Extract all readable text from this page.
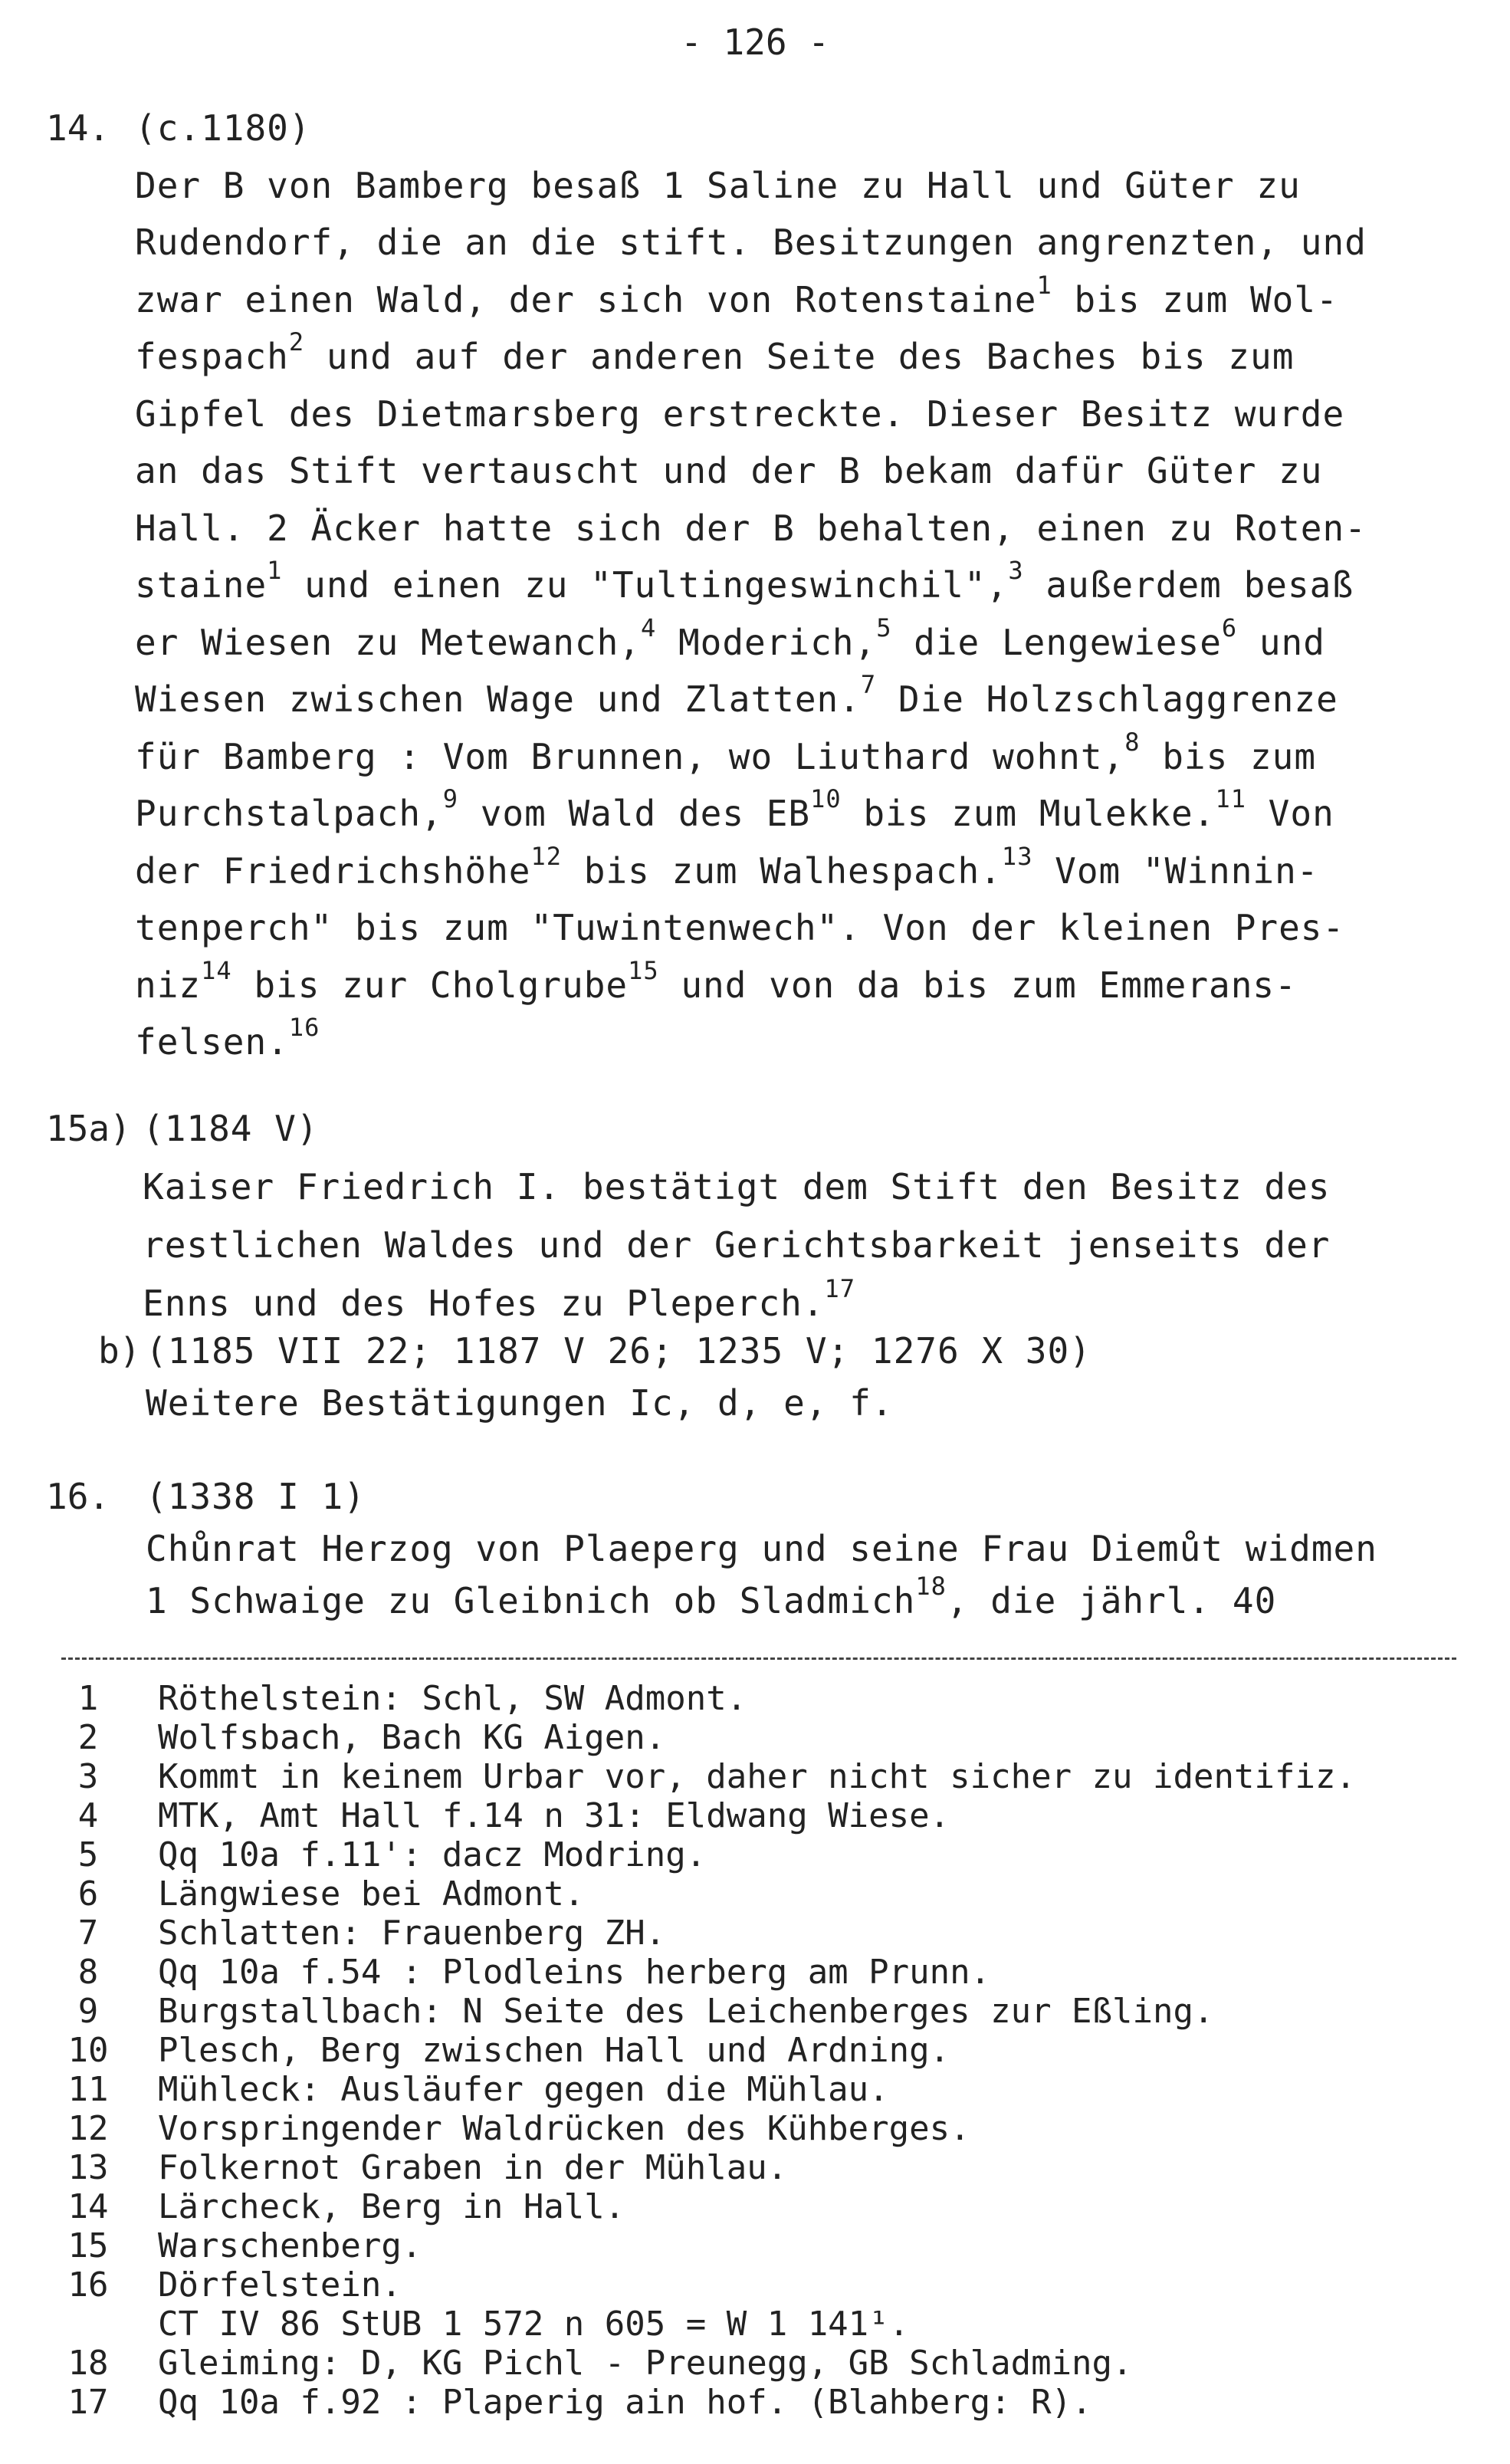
- 126 -
14. (c.1180)
Der B von Bamberg besaß 1 Saline zu Hall und Güter zu
Rudendorf, die an die stift. Besitzungen angrenzten, und
zwar einen Wald, der sich von Rotenstaine$^1$ bis zum Wol-
fespach$^2$ und auf der anderen Seite des Baches bis zum
Gipfel des Dietmarsberg erstreckte. Dieser Besitz wurde
an das Stift vertauscht und der B bekam dafür Güter zu
Hall. 2 Äcker hatte sich der B behalten, einen zu Roten-
staine$^1$ und einen zu "Tultingeswinchil",$^3$ außerdem besaß
er Wiesen zu Metewanch,$^4$ Moderich,$^5$ die Lengewiese$^6$ und
Wiesen zwischen Wage und Zlatten.$^7$ Die Holzschlaggrenze
für Bamberg : Vom Brunnen, wo Liuthard wohnt,$^8$ bis zum
Purchstalpach,$^9$ vom Wald des EB$^{10}$ bis zum Mulekke.$^{11}$ Von
der Friedrichshöhe$^{12}$ bis zum Walhespach.$^{13}$ Vom "Winnin-
tenperch" bis zum "Tuwintenwech". Von der kleinen Pres-
niz$^{14}$ bis zur Cholgrube$^{15}$ und von da bis zum Emmerans-
felsen.$^{16}$
15a) (1184 V)
Kaiser Friedrich I. bestätigt dem Stift den Besitz des
restlichen Waldes und der Gerichtsbarkeit jenseits der
Enns und des Hofes zu Pleperch.$^{17}$
b) (1185 VII 22; 1187 V 26; 1235 V; 1276 X 30)
Weitere Bestätigungen Ic, d, e, f.
16. (1338 I 1)
Chůnrat Herzog von Plaeperg und seine Frau Diemůt widmen
1 Schwaige zu Gleibnich ob Sladmich$^{18}$, die jährl. 40
1	Röthelstein: Schl, SW Admont.
2	Wolfsbach, Bach KG Aigen.
3	Kommt in keinem Urbar vor, daher nicht sicher zu identifiz.
4	MTK, Amt Hall f.14 n 31: Eldwang Wiese.
5	Qq 10a f.11': dacz Modring.
6	Längwiese bei Admont.
7	Schlatten: Frauenberg ZH.
8	Qq 10a f.54 : Plodleins herberg am Prunn.
9	Burgstallbach: N Seite des Leichenberges zur Eßling.
10	Plesch, Berg zwischen Hall und Ardning.
11	Mühleck: Ausläufer gegen die Mühlau.
12	Vorspringender Waldrücken des Kühberges.
13	Folkernot Graben in der Mühlau.
14	Lärcheck, Berg in Hall.
15	Warschenberg.
16	Dörfelstein.
CT IV 86 StUB 1 572 n 605 = W 1 141¹.
18	Gleiming: D, KG Pichl - Preunegg, GB Schladming.
17	Qq 10a f.92 : Plaperig ain hof. (Blahberg: R).
